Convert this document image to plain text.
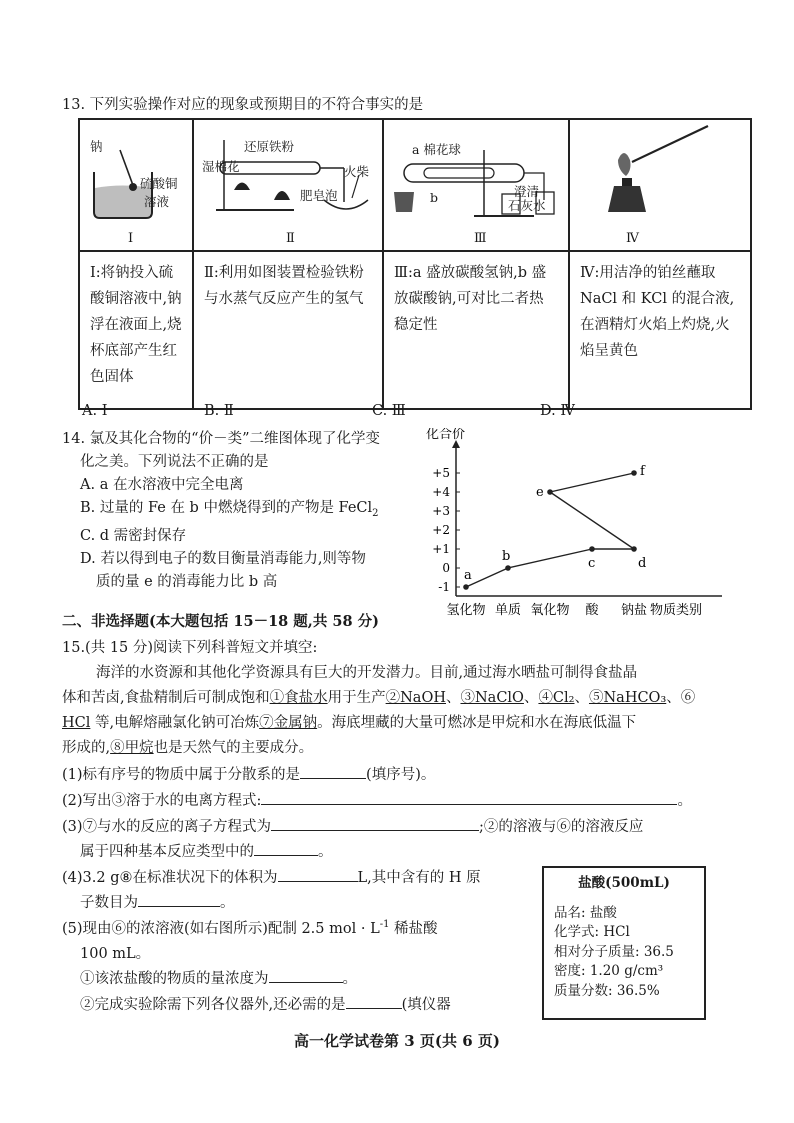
13. 下列实验操作对应的现象或预期目的不符合事实的是
钠
硫酸铜
溶液
Ⅰ	还原铁粉
湿棉花 火柴
肥皂泡
Ⅱ	a 棉花球
b 澄清
石灰水
Ⅲ	Ⅳ

Ⅰ:将钠投入硫酸铜溶液中,钠浮在液面上,烧杯底部产生红色固体	Ⅱ:利用如图装置检验铁粉与水蒸气反应产生的氢气	Ⅲ:a 盛放碳酸氢钠,b 盛放碳酸钠,可对比二者热稳定性	Ⅳ:用洁净的铂丝蘸取 NaCl 和 KCl 的混合液,在酒精灯火焰上灼烧,火焰呈黄色
A. Ⅰ	B. Ⅱ	C. Ⅲ	D. Ⅳ
14. 氯及其化合物的“价－类”二维图体现了化学变
化之美。下列说法不正确的是
A. a 在水溶液中完全电离
B. 过量的 Fe 在 b 中燃烧得到的产物是 FeCl$_2$
C. d 需密封保存
D. 若以得到电子的数目衡量消毒能力,则等物
质的量 e 的消毒能力比 b 高
化合价
+5
+4
+3
+2
+1
0
-1
氢化物 单质 氧化物 酸 钠盐 物质类别
a
b	c	d
e
f
二、非选择题(本大题包括 15－18 题,共 58 分)
15.(共 15 分)阅读下列科普短文并填空:
海洋的水资源和其他化学资源具有巨大的开发潜力。目前,通过海水晒盐可制得食盐晶
体和苦卤,食盐精制后可制成饱和①食盐水用于生产②NaOH、③NaClO、④Cl₂、⑤NaHCO₃、⑥
HCl 等,电解熔融氯化钠可冶炼⑦金属钠。海底埋藏的大量可燃冰是甲烷和水在海底低温下
形成的,⑧甲烷也是天然气的主要成分。
(1)标有序号的物质中属于分散系的是	(填序号)。
(2)写出③溶于水的电离方程式:	。
(3)⑦与水的反应的离子方程式为	;②的溶液与⑥的溶液反应
属于四种基本反应类型中的	。
(4)3.2 g⑧在标准状况下的体积为	L,其中含有的 H 原
子数目为	。
(5)现由⑥的浓溶液(如右图所示)配制 2.5 mol · $L^{-1}$ 稀盐酸
100 mL。
①该浓盐酸的物质的量浓度为	。
②完成实验除需下列各仪器外,还必需的是	(填仪器
盐酸(500mL)
品名: 盐酸
化学式: HCl
相对分子质量: 36.5
密度: 1.20 g/cm³
质量分数: 36.5%
高一化学试卷第 3 页(共 6 页)
